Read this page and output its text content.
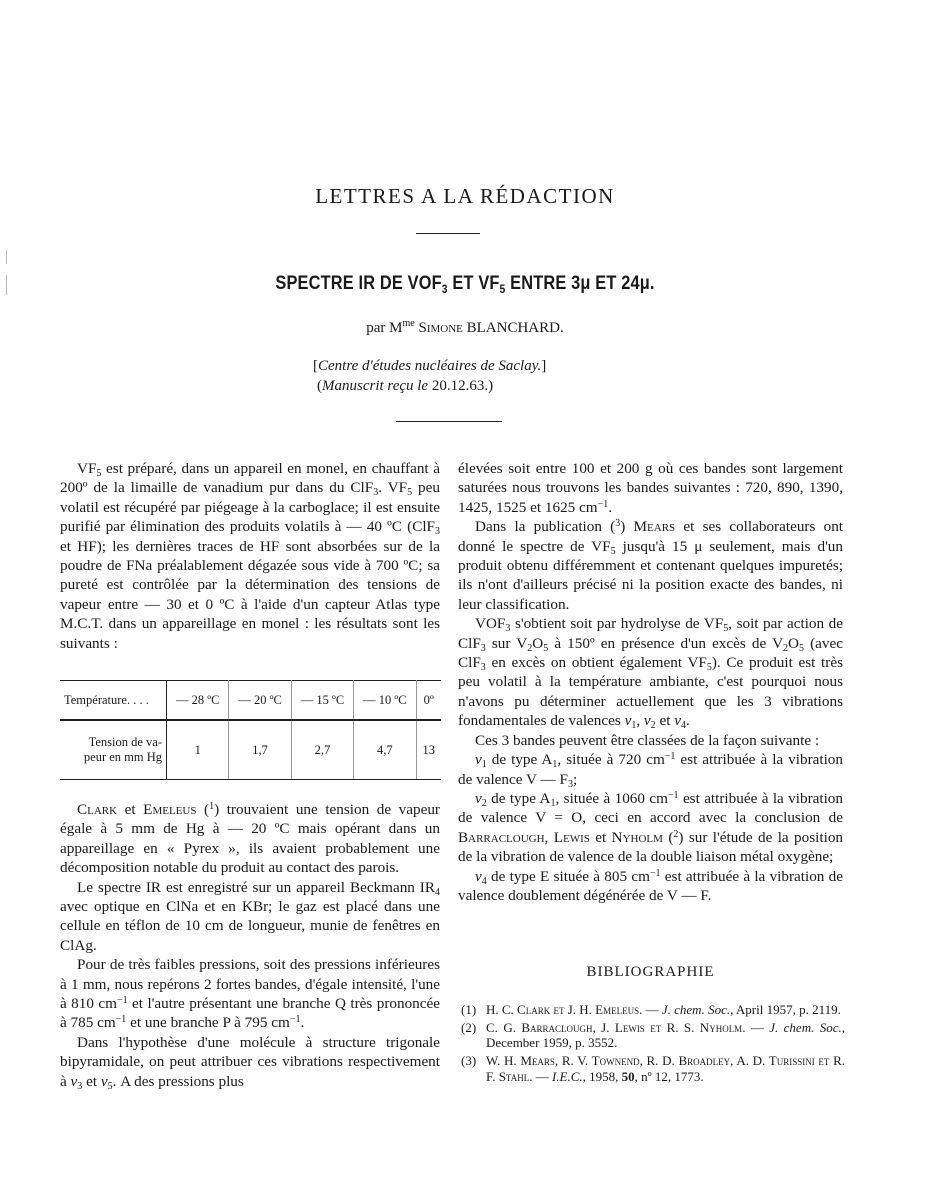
LETTRES A LA RÉDACTION
SPECTRE IR DE $VOF_3$ ET $VF_5$ ENTRE 3μ ET 24μ.
par $M^{me}$ Simone BLANCHARD.
[Centre d'études nucléaires de Saclay.]
(Manuscrit reçu le 20.12.63.)

$VF_5$ est préparé, dans un appareil en monel, en chauffant à 200º de la limaille de vanadium pur dans du ClF$_3$. $VF_5$ peu volatil est récupéré par piégeage à la carboglace; il est ensuite purifié par élimination des produits volatils à — 40 ºC (ClF$_3$ et HF); les dernières traces de HF sont absorbées sur de la poudre de FNa préalablement dégazée sous vide à 700 ºC; sa pureté est contrôlée par la détermination des tensions de vapeur entre — 30 et 0 ºC à l'aide d'un capteur Atlas type M.C.T. dans un appareillage en monel : les résultats sont les suivants :

Température. . . .	— 28 ºC	— 20 ºC	— 15 ºC	— 10 ºC	0º
Tension de va-
peur en mm Hg	1	1,7	2,7	4,7	13

Clark et Emeleus ($^1$) trouvaient une tension de vapeur égale à 5 mm de Hg à — 20 ºC mais opérant dans un appareillage en « Pyrex », ils avaient probablement une décomposition notable du produit au contact des parois.

Le spectre IR est enregistré sur un appareil Beckmann $IR_4$ avec optique en ClNa et en KBr; le gaz est placé dans une cellule en téflon de 10 cm de longueur, munie de fenêtres en ClAg.

Pour de très faibles pressions, soit des pressions inférieures à 1 mm, nous repérons 2 fortes bandes, d'égale intensité, l'une à 810 $cm^{-1}$ et l'autre présentant une branche Q très prononcée à 785 $cm^{-1}$ et une branche P à 795 $cm^{-1}$.

Dans l'hypothèse d'une molécule à structure trigonale bipyramidale, on peut attribuer ces vibrations respectivement à $\nu_3$ et $\nu_5$. A des pressions plus

élevées soit entre 100 et 200 g où ces bandes sont largement saturées nous trouvons les bandes suivantes : 720, 890, 1390, 1425, 1525 et 1625 $cm^{-1}$.

Dans la publication ($^3$) Mears et ses collaborateurs ont donné le spectre de $VF_5$ jusqu'à 15 μ seulement, mais d'un produit obtenu différemment et contenant quelques impuretés; ils n'ont d'ailleurs précisé ni la position exacte des bandes, ni leur classification.

$VOF_3$ s'obtient soit par hydrolyse de $VF_5$, soit par action de ClF$_3$ sur $V_2O_5$ à 150º en présence d'un excès de $V_2O_5$ (avec ClF$_3$ en excès on obtient également $VF_5$). Ce produit est très peu volatil à la température ambiante, c'est pourquoi nous n'avons pu déterminer actuellement que les 3 vibrations fondamentales de valences $\nu_1$, $\nu_2$ et $\nu_4$.

Ces 3 bandes peuvent être classées de la façon suivante :

$\nu_1$ de type $A_1$, située à 720 $cm^{-1}$ est attribuée à la vibration de valence V — $F_3$;

$\nu_2$ de type $A_1$, située à 1060 $cm^{-1}$ est attribuée à la vibration de valence V = O, ceci en accord avec la conclusion de Barraclough, Lewis et Nyholm ($^2$) sur l'étude de la position de la vibration de valence de la double liaison métal oxygène;

$\nu_4$ de type E située à 805 $cm^{-1}$ est attribuée à la vibration de valence doublement dégénérée de V — F.

BIBLIOGRAPHIE
(1) H. C. Clark et J. H. Emeleus. — J. chem. Soc., April 1957, p. 2119.
(2) C. G. Barraclough, J. Lewis et R. S. Nyholm. — J. chem. Soc., December 1959, p. 3552.
(3) W. H. Mears, R. V. Townend, R. D. Broadley, A. D. Turissini et R. F. Stahl. — I.E.C., 1958, 50, nº 12, 1773.
